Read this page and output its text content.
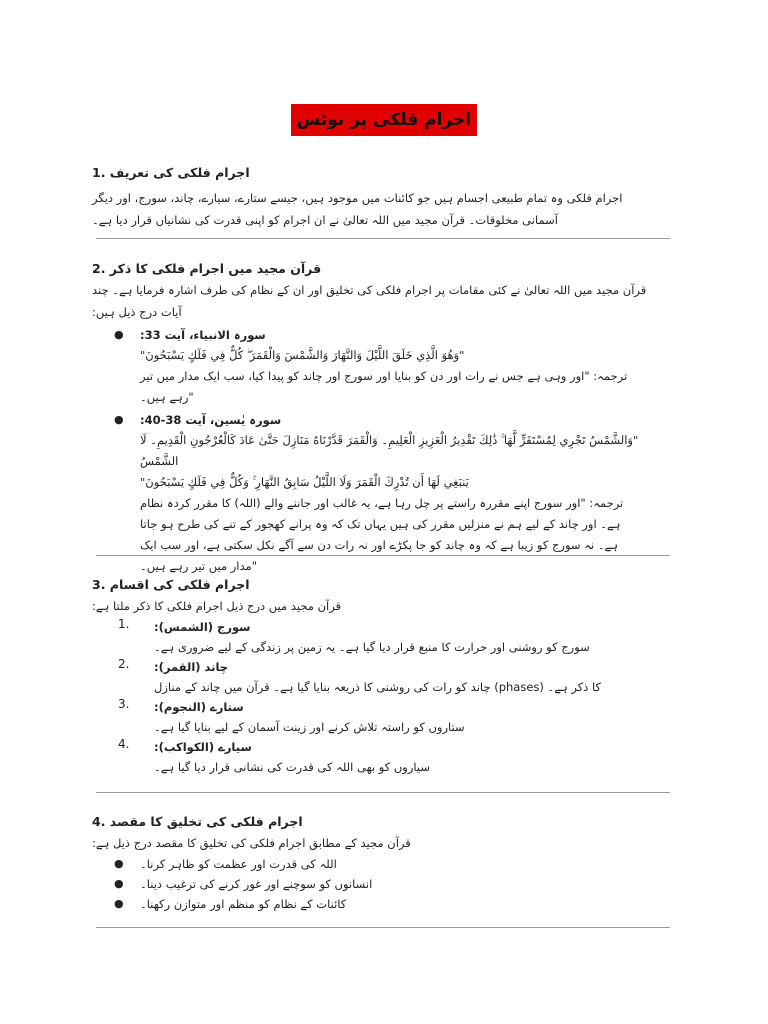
اجرام فلکی پر نوٹس
اجرام فلکی کی تعریف .1

اجرام فلکی وہ تمام طبیعی اجسام ہیں جو کائنات میں موجود ہیں، جیسے ستارے، سیارے، چاند، سورج، اور دیگر

آسمانی مخلوقات۔ قرآن مجید میں اللہ تعالیٰ نے ان اجرام کو اپنی قدرت کی نشانیاں قرار دیا ہے۔

قرآن مجید میں اجرام فلکی کا ذکر .2

قرآن مجید میں اللہ تعالیٰ نے کئی مقامات پر اجرام فلکی کی تخلیق اور ان کے نظام کی طرف اشارہ فرمایا ہے۔ چند

:آیات درج ذیل ہیں

● سورہ الانبیاء، آیت 33:
"وَهُوَ الَّذِي خَلَقَ اللَّيْلَ وَالنَّهَارَ وَالشَّمْسَ وَالْقَمَرَ ۖ كُلٌّ فِي فَلَكٍ يَسْبَحُونَ"
ترجمہ: "اور وہی ہے جس نے رات اور دن کو بنایا اور سورج اور چاند کو پیدا کیا، سب ایک مدار میں تیر
"رہے ہیں۔
● سورہ یٰسین، آیت 38-40:
"وَالشَّمْسُ تَجْرِي لِمُسْتَقَرٍّ لَّهَا ۚ ذَٰلِكَ تَقْدِيرُ الْعَزِيزِ الْعَلِيمِ۔ وَالْقَمَرَ قَدَّرْنَاهُ مَنَازِلَ حَتَّىٰ عَادَ كَالْعُرْجُونِ الْقَدِيمِ۔ لَا الشَّمْسُ
يَنبَغِي لَهَا أَن تُدْرِكَ الْقَمَرَ وَلَا اللَّيْلُ سَابِقُ النَّهَارِ ۚ وَكُلٌّ فِي فَلَكٍ يَسْبَحُونَ"
ترجمہ: "اور سورج اپنے مقررہ راستے پر چل رہا ہے، یہ غالب اور جاننے والے (اللہ) کا مقرر کردہ نظام
ہے۔ اور چاند کے لیے ہم نے منزلیں مقرر کی ہیں یہاں تک کہ وہ پرانے کھجور کے تنے کی طرح ہو جاتا
ہے۔ نہ سورج کو زیبا ہے کہ وہ چاند کو جا پکڑے اور نہ رات دن سے آگے نکل سکتی ہے، اور سب ایک
"مدار میں تیر رہے ہیں۔
اجرام فلکی کی اقسام .3

:قرآن مجید میں درج ذیل اجرام فلکی کا ذکر ملتا ہے

1. سورج (الشمس):
سورج کو روشنی اور حرارت کا منبع قرار دیا گیا ہے۔ یہ زمین پر زندگی کے لیے ضروری ہے۔
2. چاند (القمر):
کا ذکر ہے۔ (phases) چاند کو رات کی روشنی کا ذریعہ بنایا گیا ہے۔ قرآن میں چاند کے منازل
3. ستارے (النجوم):
ستاروں کو راستہ تلاش کرنے اور زینت آسمان کے لیے بنایا گیا ہے۔
4. سیارے (الکواکب):
سیاروں کو بھی اللہ کی قدرت کی نشانی قرار دیا گیا ہے۔
اجرام فلکی کی تخلیق کا مقصد .4

:قرآن مجید کے مطابق اجرام فلکی کی تخلیق کا مقصد درج ذیل ہے

● اللہ کی قدرت اور عظمت کو ظاہر کرنا۔
● انسانوں کو سوچنے اور غور کرنے کی ترغیب دینا۔
● کائنات کے نظام کو منظم اور متوازن رکھنا۔
